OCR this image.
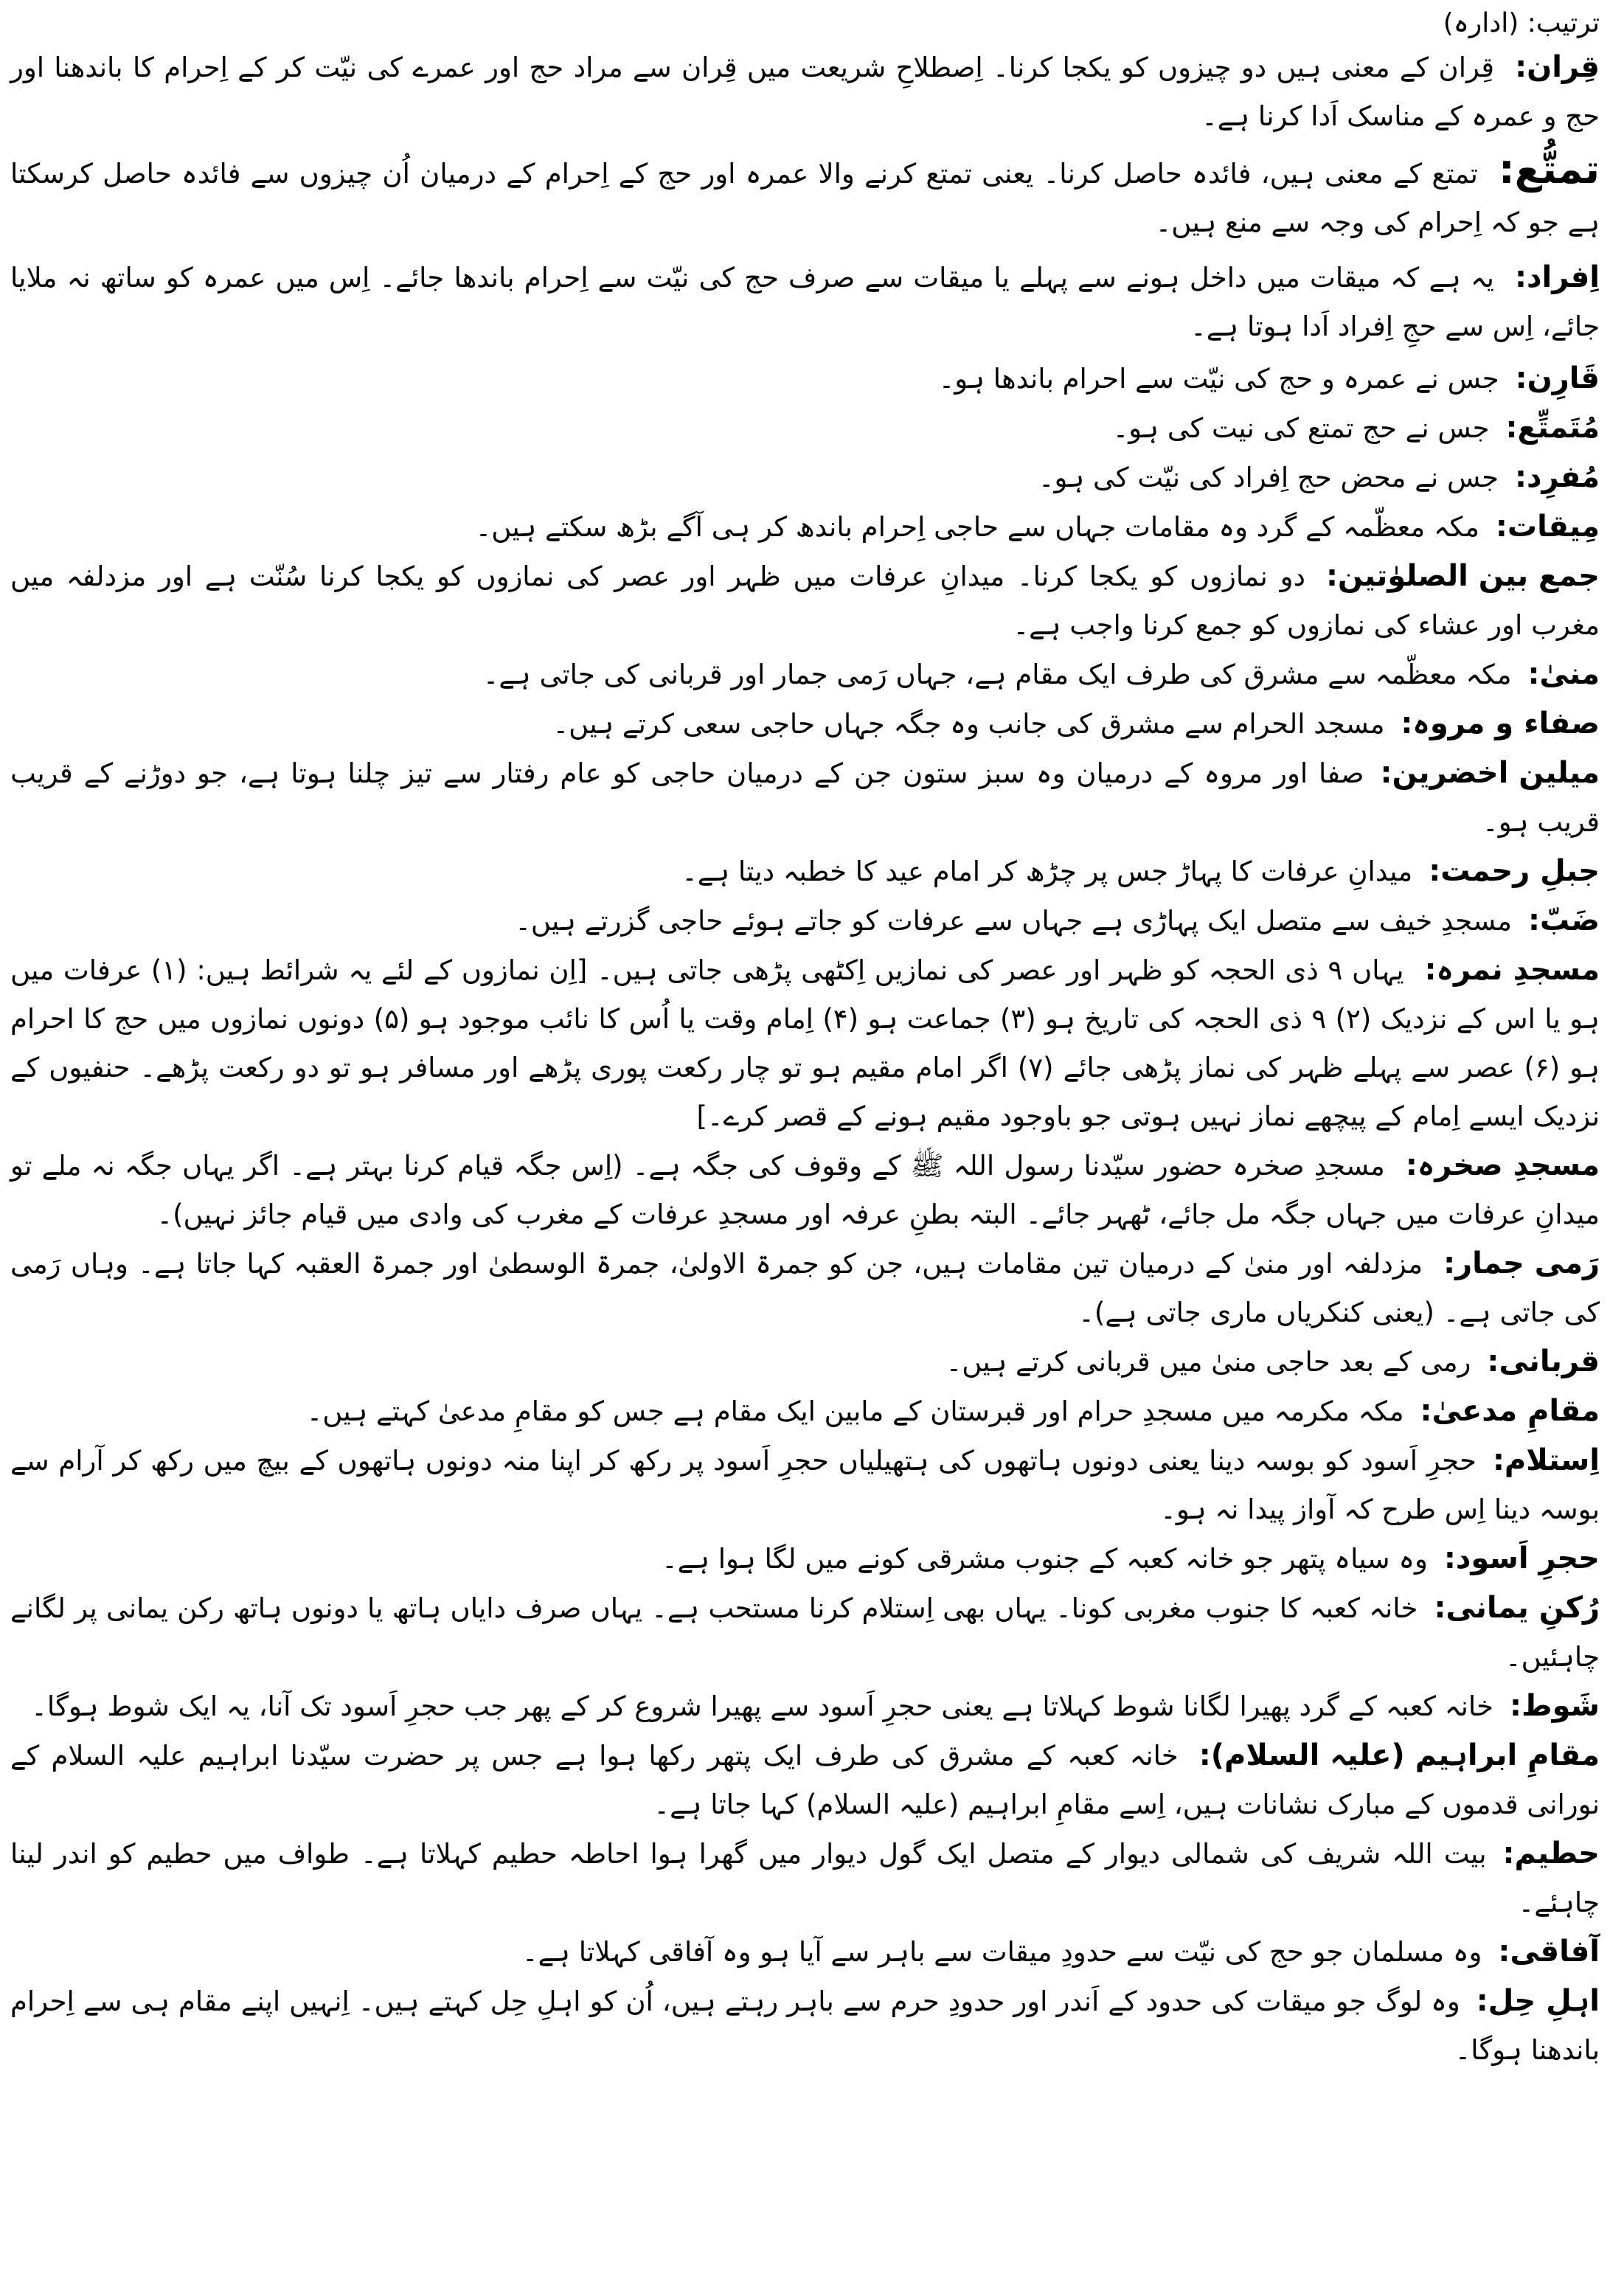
ترتیب: (ادارہ)

قِران:قِران کے معنی ہیں دو چیزوں کو یکجا کرنا۔ اِصطلاحِ شریعت میں قِران سے مراد حج اور عمرے کی نیّت کر کے اِحرام کا باندھنا اور حج و عمرہ کے مناسک اَدا کرنا ہے۔

تمتُّع:تمتع کے معنی ہیں، فائدہ حاصل کرنا۔ یعنی تمتع کرنے والا عمرہ اور حج کے اِحرام کے درمیان اُن چیزوں سے فائدہ حاصل کرسکتا ہے جو کہ اِحرام کی وجہ سے منع ہیں۔

اِفراد:یہ ہے کہ میقات میں داخل ہونے سے پہلے یا میقات سے صرف حج کی نیّت سے اِحرام باندھا جائے۔ اِس میں عمرہ کو ساتھ نہ ملایا جائے، اِس سے حجِ اِفراد اَدا ہوتا ہے۔

قَارِن:جس نے عمرہ و حج کی نیّت سے احرام باندھا ہو۔

مُتَمتِّع:جس نے حج تمتع کی نیت کی ہو۔

مُفرِد:جس نے محض حج اِفراد کی نیّت کی ہو۔

مِیقات:مکہ معظّمہ کے گرد وہ مقامات جہاں سے حاجی اِحرام باندھ کر ہی آگے بڑھ سکتے ہیں۔

جمع بین الصلوٰتین:دو نمازوں کو یکجا کرنا۔ میدانِ عرفات میں ظہر اور عصر کی نمازوں کو یکجا کرنا سُنّت ہے اور مزدلفہ میں مغرب اور عشاء کی نمازوں کو جمع کرنا واجب ہے۔

منیٰ:مکہ معظّمہ سے مشرق کی طرف ایک مقام ہے، جہاں رَمی جمار اور قربانی کی جاتی ہے۔

صفاء و مروہ:مسجد الحرام سے مشرق کی جانب وہ جگہ جہاں حاجی سعی کرتے ہیں۔

میلین اخضرین:صفا اور مروہ کے درمیان وہ سبز ستون جن کے درمیان حاجی کو عام رفتار سے تیز چلنا ہوتا ہے، جو دوڑنے کے قریب قریب ہو۔

جبلِ رحمت:میدانِ عرفات کا پہاڑ جس پر چڑھ کر امام عید کا خطبہ دیتا ہے۔

ضَبّ:مسجدِ خیف سے متصل ایک پہاڑی ہے جہاں سے عرفات کو جاتے ہوئے حاجی گزرتے ہیں۔

مسجدِ نمرہ:یہاں ۹ ذی الحجہ کو ظہر اور عصر کی نمازیں اِکٹھی پڑھی جاتی ہیں۔ [اِن نمازوں کے لئے یہ شرائط ہیں: (۱) عرفات میں ہو یا اس کے نزدیک (۲) ۹ ذی الحجہ کی تاریخ ہو (۳) جماعت ہو (۴) اِمام وقت یا اُس کا نائب موجود ہو (۵) دونوں نمازوں میں حج کا احرام ہو (۶) عصر سے پہلے ظہر کی نماز پڑھی جائے (۷) اگر امام مقیم ہو تو چار رکعت پوری پڑھے اور مسافر ہو تو دو رکعت پڑھے۔ حنفیوں کے نزدیک ایسے اِمام کے پیچھے نماز نہیں ہوتی جو باوجود مقیم ہونے کے قصر کرے۔]

مسجدِ صخرہ:مسجدِ صخرہ حضور سیّدنا رسول اللہ ﷺ کے وقوف کی جگہ ہے۔ (اِس جگہ قیام کرنا بہتر ہے۔ اگر یہاں جگہ نہ ملے تو میدانِ عرفات میں جہاں جگہ مل جائے، ٹھہر جائے۔ البتہ بطنِ عرفہ اور مسجدِ عرفات کے مغرب کی وادی میں قیام جائز نہیں)۔

رَمی جمار:مزدلفہ اور منیٰ کے درمیان تین مقامات ہیں، جن کو جمرۃ الاولیٰ، جمرۃ الوسطیٰ اور جمرۃ العقبہ کہا جاتا ہے۔ وہاں رَمی کی جاتی ہے۔ (یعنی کنکریاں ماری جاتی ہے)۔

قربانی:رمی کے بعد حاجی منیٰ میں قربانی کرتے ہیں۔

مقامِ مدعیٰ:مکہ مکرمہ میں مسجدِ حرام اور قبرستان کے مابین ایک مقام ہے جس کو مقامِ مدعیٰ کہتے ہیں۔

اِستلام:حجرِ اَسود کو بوسہ دینا یعنی دونوں ہاتھوں کی ہتھیلیاں حجرِ اَسود پر رکھ کر اپنا منہ دونوں ہاتھوں کے بیچ میں رکھ کر آرام سے بوسہ دینا اِس طرح کہ آواز پیدا نہ ہو۔

حجرِ اَسود:وہ سیاہ پتھر جو خانہ کعبہ کے جنوب مشرقی کونے میں لگا ہوا ہے۔

رُکنِ یمانی:خانہ کعبہ کا جنوب مغربی کونا۔ یہاں بھی اِستلام کرنا مستحب ہے۔ یہاں صرف دایاں ہاتھ یا دونوں ہاتھ رکن یمانی پر لگانے چاہئیں۔

شَوط:خانہ کعبہ کے گرد پھیرا لگانا شوط کہلاتا ہے یعنی حجرِ اَسود سے پھیرا شروع کر کے پھر جب حجرِ اَسود تک آنا، یہ ایک شوط ہوگا۔

مقامِ ابراہیم (علیہ السلام):خانہ کعبہ کے مشرق کی طرف ایک پتھر رکھا ہوا ہے جس پر حضرت سیّدنا ابراہیم علیہ السلام کے نورانی قدموں کے مبارک نشانات ہیں، اِسے مقامِ ابراہیم (علیہ السلام) کہا جاتا ہے۔

حطیم:بیت اللہ شریف کی شمالی دیوار کے متصل ایک گول دیوار میں گھرا ہوا احاطہ حطیم کہلاتا ہے۔ طواف میں حطیم کو اندر لینا چاہئے۔

آفاقی:وہ مسلمان جو حج کی نیّت سے حدودِ میقات سے باہر سے آیا ہو وہ آفاقی کہلاتا ہے۔

اہلِ حِل:وہ لوگ جو میقات کی حدود کے اَندر اور حدودِ حرم سے باہر رہتے ہیں، اُن کو اہلِ حِل کہتے ہیں۔ اِنہیں اپنے مقام ہی سے اِحرام باندھنا ہوگا۔
